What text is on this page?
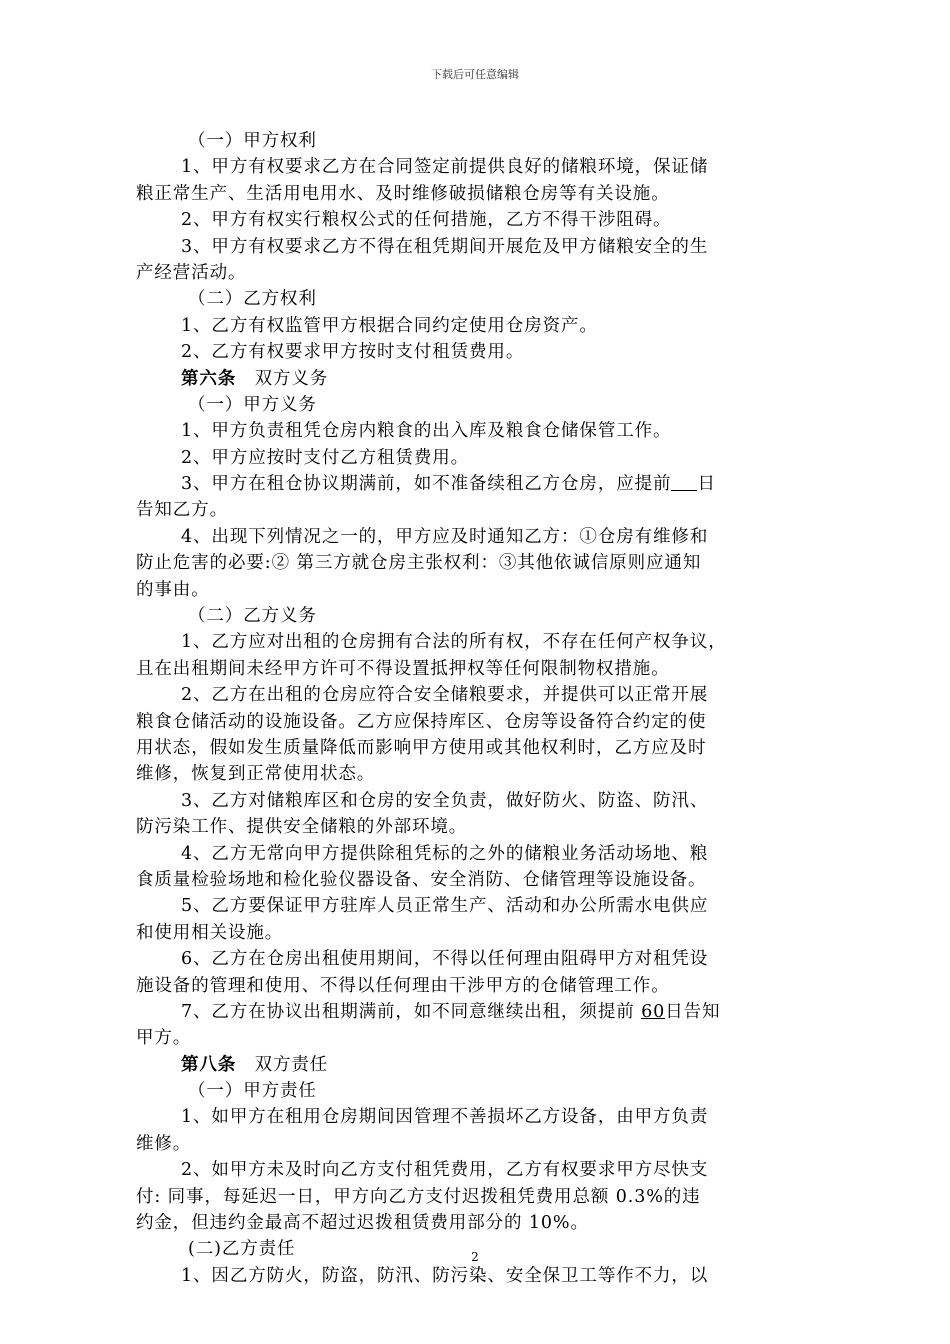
下载后可任意编辑
（一）甲方权利
1、甲方有权要求乙方在合同签定前提供良好的储粮环境，保证储
粮正常生产、生活用电用水、及时维修破损储粮仓房等有关设施。
2、甲方有权实行粮权公式的任何措施，乙方不得干涉阻碍。
3、甲方有权要求乙方不得在租凭期间开展危及甲方储粮安全的生
产经营活动。
（二）乙方权利
1、乙方有权监管甲方根据合同约定使用仓房资产。
2、乙方有权要求甲方按时支付租赁费用。
第六条　双方义务
（一）甲方义务
1、甲方负责租凭仓房内粮食的出入库及粮食仓储保管工作。
2、甲方应按时支付乙方租赁费用。
3、甲方在租仓协议期满前，如不准备续租乙方仓房，应提前 日
告知乙方。
4、出现下列情况之一的，甲方应及时通知乙方：①仓房有维修和
防止危害的必要:② 第三方就仓房主张权利：③其他依诚信原则应通知
的事由。
（二）乙方义务
1、乙方应对出租的仓房拥有合法的所有权，不存在任何产权争议，
且在出租期间未经甲方许可不得设置抵押权等任何限制物权措施。
2、乙方在出租的仓房应符合安全储粮要求，并提供可以正常开展
粮食仓储活动的设施设备。乙方应保持库区、仓房等设备符合约定的使
用状态，假如发生质量降低而影响甲方使用或其他权利时，乙方应及时
维修，恢复到正常使用状态。
3、乙方对储粮库区和仓房的安全负责，做好防火、防盗、防汛、
防污染工作、提供安全储粮的外部环境。
4、乙方无常向甲方提供除租凭标的之外的储粮业务活动场地、粮
食质量检验场地和检化验仪器设备、安全消防、仓储管理等设施设备。
5、乙方要保证甲方驻库人员正常生产、活动和办公所需水电供应
和使用相关设施。
6、乙方在仓房出租使用期间，不得以任何理由阻碍甲方对租凭设
施设备的管理和使用、不得以任何理由干涉甲方的仓储管理工作。
7、乙方在协议出租期满前，如不同意继续出租，须提前 60日告知
甲方。
第八条　双方责任
（一）甲方责任
1、如甲方在租用仓房期间因管理不善损坏乙方设备，由甲方负责
维修。
2、如甲方未及时向乙方支付租凭费用，乙方有权要求甲方尽快支
付: 同事，每延迟一日，甲方向乙方支付迟拨租凭费用总额 0.3%的违
约金，但违约金最高不超过迟拨租赁费用部分的 10%。
(二)乙方责任
1、因乙方防火，防盗，防汛、防污染、安全保卫工等作不力，以
2
